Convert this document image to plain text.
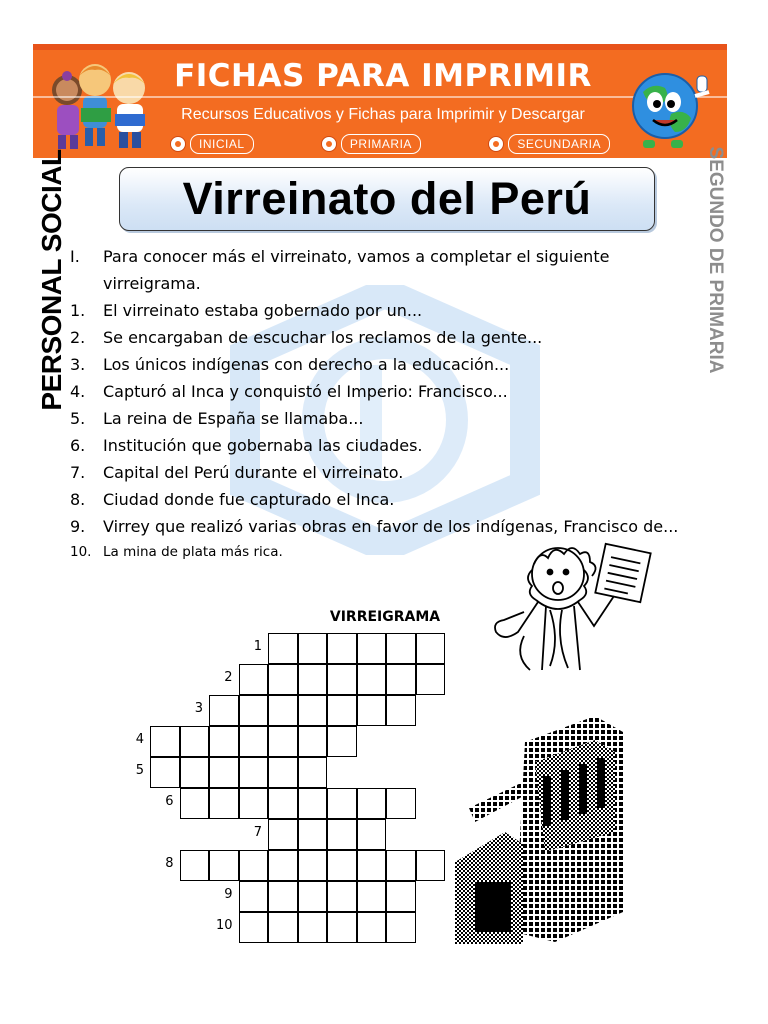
FICHAS PARA IMPRIMIR
Recursos Educativos y Fichas para Imprimir y Descargar
INICIAL	PRIMARIA	SECUNDARIA
PERSONAL SOCIAL	SEGUNDO DE PRIMARIA
Virreinato del Perú
I.	Para conocer más el virreinato, vamos a completar el siguiente virreigrama.
1.	El virreinato estaba gobernado por un...
2.	Se encargaban de escuchar los reclamos de la gente...
3.	Los únicos indígenas con derecho a la educación...
4.	Capturó al Inca y conquistó el Imperio: Francisco...
5.	La reina de España se llamaba...
6.	Institución que gobernaba las ciudades.
7.	Capital del Perú durante el virreinato.
8.	Ciudad donde fue capturado el Inca.
9.	Virrey que realizó varias obras en favor de los indígenas, Francisco de...
10. La mina de plata más rica.
VIRREIGRAMA
1
2
3
4
5
6
7
8
9
10
